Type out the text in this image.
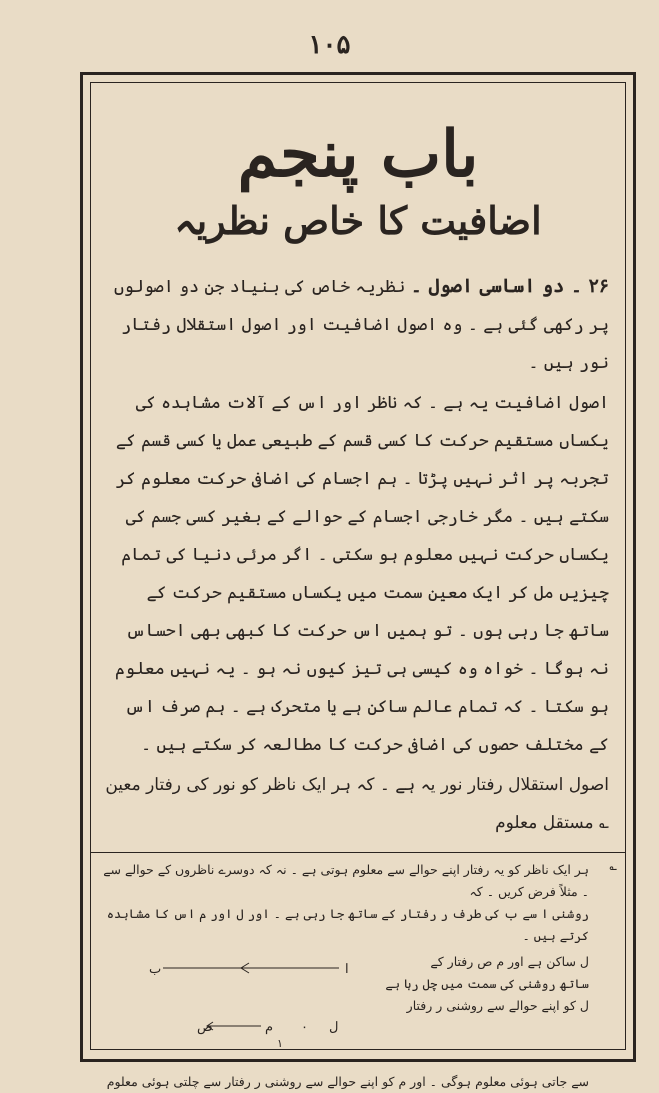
۱۰۵
باب پنجم
اضافیت کا خاص نظریہ

۲۶ ۔ دو اساسی اصول ۔ نظریہ خاص کی بنیاد جن دو اصولوں پر رکھی گئی ہے ۔ وہ اصول اضافیت اور اصول استقلال رفتار نور ہیں ۔

اصول اضافیت یہ ہے ۔ کہ ناظر اور اس کے آلات مشاہدہ کی یکساں مستقیم حرکت کا کسی قسم کے طبیعی عمل یا کسی قسم کے تجربہ پر اثر نہیں پڑتا ۔ ہم اجسام کی اضافی حرکت معلوم کر سکتے ہیں ۔ مگر خارجی اجسام کے حوالے کے بغیر کسی جسم کی یکساں حرکت نہیں معلوم ہو سکتی ۔ اگر مرئی دنیا کی تمام چیزیں مل کر ایک معین سمت میں یکساں مستقیم حرکت کے ساتھ جا رہی ہوں ۔ تو ہمیں اس حرکت کا کبھی بھی احساس نہ ہوگا ۔ خواہ وہ کیسی ہی تیز کیوں نہ ہو ۔ یہ نہیں معلوم ہو سکتا ۔ کہ تمام عالم ساکن ہے یا متحرک ہے ۔ ہم صرف اس کے مختلف حصوں کی اضافی حرکت کا مطالعہ کر سکتے ہیں ۔

اصول استقلال رفتار نور یہ ہے ۔ کہ ہر ایک ناظر کو نور کی رفتار معین ؎ مستقل معلوم

؎

ہر ایک ناظر کو یہ رفتار اپنے حوالے سے معلوم ہوتی ہے ۔ نہ کہ دوسرے ناظروں کے حوالے سے ۔ مثلاً فرض کریں ۔ کہ

روشنی ا سے ب کی طرف ر رفتار کے ساتھ جا رہی ہے ۔ اور ل اور م اس کا مشاہدہ کرتے ہیں ۔

ل ساکن ہے اور م ص رفتار کے

ساتھ روشنی کی سمت میں چل رہا ہے

ل کو اپنے حوالے سے روشنی ر رفتار

ب	ا
ص	م
۱
۰ ل

سے جاتی ہوئی معلوم ہوگی ۔ اور م کو اپنے حوالے سے روشنی ر رفتار سے چلتی ہوئی معلوم
